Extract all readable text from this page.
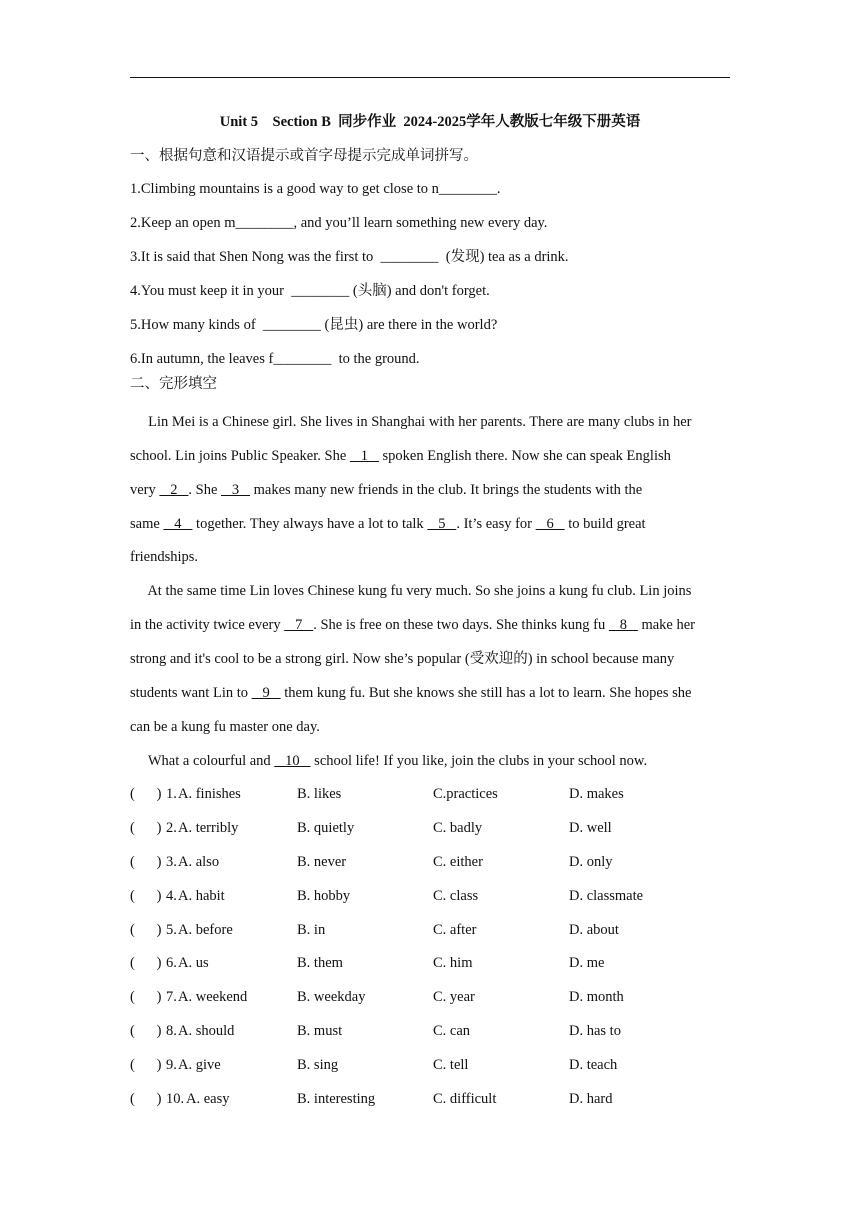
Unit 5    Section B  同步作业  2024-2025学年人教版七年级下册英语
一、根据句意和汉语提示或首字母提示完成单词拼写。
1.Climbing mountains is a good way to get close to n________.
2.Keep an open m________, and you’ll learn something new every day.
3.It is said that Shen Nong was the first to  ________  (发现) tea as a drink.
4.You must keep it in your  ________ (头脑) and don't forget.
5.How many kinds of  ________ (昆虫) are there in the world?
6.In autumn, the leaves f________  to the ground.
二、完形填空
Lin Mei is a Chinese girl. She lives in Shanghai with her parents. There are many clubs in her
school. Lin joins Public Speaker. She    1    spoken English there. Now she can speak English
very    2   . She    3    makes many new friends in the club. It brings the students with the
same    4    together. They always have a lot to talk    5   . It’s easy for    6    to build great
friendships.
At the same time Lin loves Chinese kung fu very much. So she joins a kung fu club. Lin joins
in the activity twice every    7   . She is free on these two days. She thinks kung fu    8    make her
strong and it's cool to be a strong girl. Now she’s popular (受欢迎的) in school because many
students want Lin to    9    them kung fu. But she knows she still has a lot to learn. She hopes she
can be a kung fu master one day.
What a colourful and    10    school life! If you like, join the clubs in your school now.
(      ) 1. A. finishes	B. likes	C.practices	D. makes
(      ) 2. A. terribly	B. quietly	C. badly	D. well
(      ) 3. A. also	B. never	C. either	D. only
(      ) 4. A. habit	B. hobby	C. class	D. classmate
(      ) 5. A. before	B. in	C. after	D. about
(      ) 6. A. us	B. them	C. him	D. me
(      ) 7. A. weekend	B. weekday	C. year	D. month
(      ) 8. A. should	B. must	C. can	D. has to
(      ) 9. A. give	B. sing	C. tell	D. teach
(      ) 10. A. easy	B. interesting	C. difficult	D. hard
